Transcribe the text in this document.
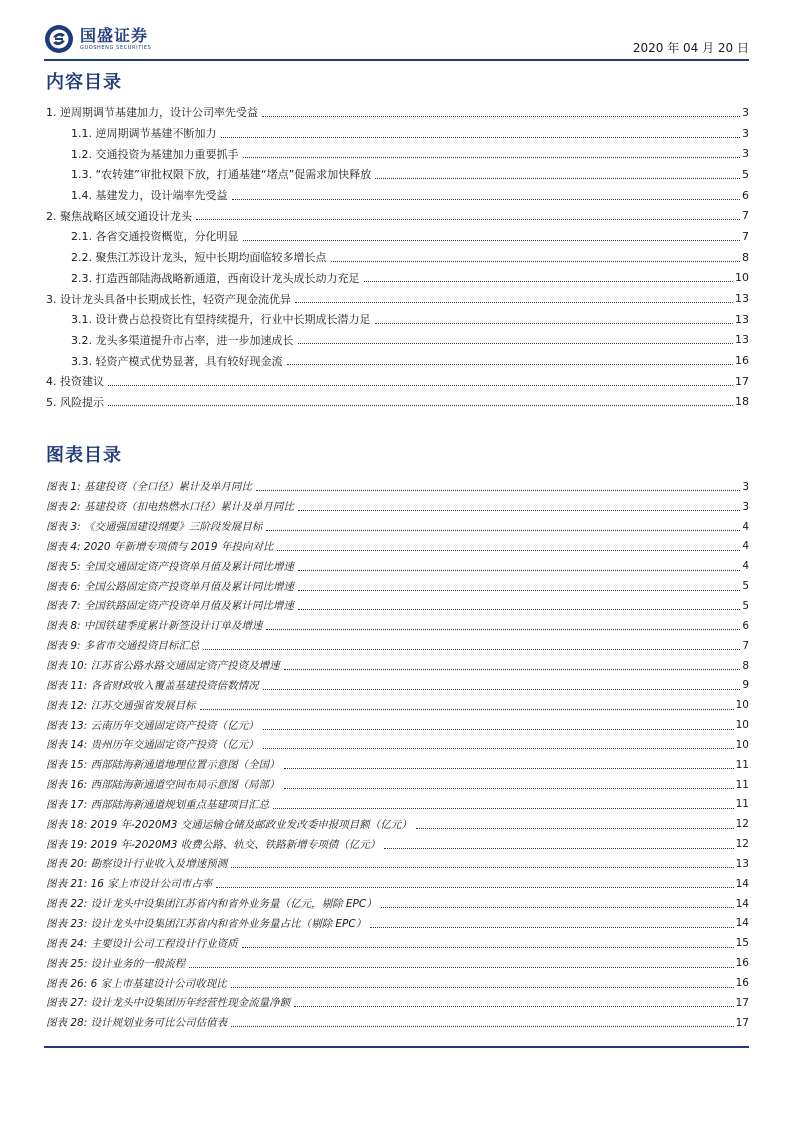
国盛证券
GUOSHENG SECURITIES	2020 年 04 月 20 日
内容目录
1. 逆周期调节基建加力，设计公司率先受益	3
1.1. 逆周期调节基建不断加力	3
1.2. 交通投资为基建加力重要抓手	3
1.3. “农转建”审批权限下放，打通基建“堵点”促需求加快释放	5
1.4. 基建发力，设计端率先受益	6
2. 聚焦战略区域交通设计龙头	7
2.1. 各省交通投资概览，分化明显	7
2.2. 聚焦江苏设计龙头，短中长期均面临较多增长点	8
2.3. 打造西部陆海战略新通道，西南设计龙头成长动力充足	10
3. 设计龙头具备中长期成长性，轻资产现金流优异	13
3.1. 设计费占总投资比有望持续提升，行业中长期成长潜力足	13
3.2. 龙头多渠道提升市占率，进一步加速成长	13
3.3. 轻资产模式优势显著，具有较好现金流	16
4. 投资建议	17
5. 风险提示	18
图表目录
图表 1: 基建投资（全口径）累计及单月同比	3
图表 2: 基建投资（扣电热燃水口径）累计及单月同比	3
图表 3: 《交通强国建设纲要》三阶段发展目标	4
图表 4: 2020 年新增专项债与 2019 年投向对比	4
图表 5: 全国交通固定资产投资单月值及累计同比增速	4
图表 6: 全国公路固定资产投资单月值及累计同比增速	5
图表 7: 全国铁路固定资产投资单月值及累计同比增速	5
图表 8: 中国铁建季度累计新签设计订单及增速	6
图表 9: 多省市交通投资目标汇总	7
图表 10: 江苏省公路水路交通固定资产投资及增速	8
图表 11: 各省财政收入覆盖基建投资倍数情况	9
图表 12: 江苏交通强省发展目标	10
图表 13: 云南历年交通固定资产投资（亿元）	10
图表 14: 贵州历年交通固定资产投资（亿元）	10
图表 15: 西部陆海新通道地理位置示意图（全国）	11
图表 16: 西部陆海新通道空间布局示意图（局部）	11
图表 17: 西部陆海新通道规划重点基建项目汇总	11
图表 18: 2019 年-2020M3 交通运输仓储及邮政业发改委申报项目额（亿元）	12
图表 19: 2019 年-2020M3 收费公路、轨交、铁路新增专项债（亿元）	12
图表 20: 勘察设计行业收入及增速预测	13
图表 21: 16 家上市设计公司市占率	14
图表 22: 设计龙头中设集团江苏省内和省外业务量（亿元，剔除 EPC）	14
图表 23: 设计龙头中设集团江苏省内和省外业务量占比（剔除 EPC）	14
图表 24: 主要设计公司工程设计行业资质	15
图表 25: 设计业务的一般流程	16
图表 26: 6 家上市基建设计公司收现比	16
图表 27: 设计龙头中设集团历年经营性现金流量净额	17
图表 28: 设计规划业务可比公司估值表	17
